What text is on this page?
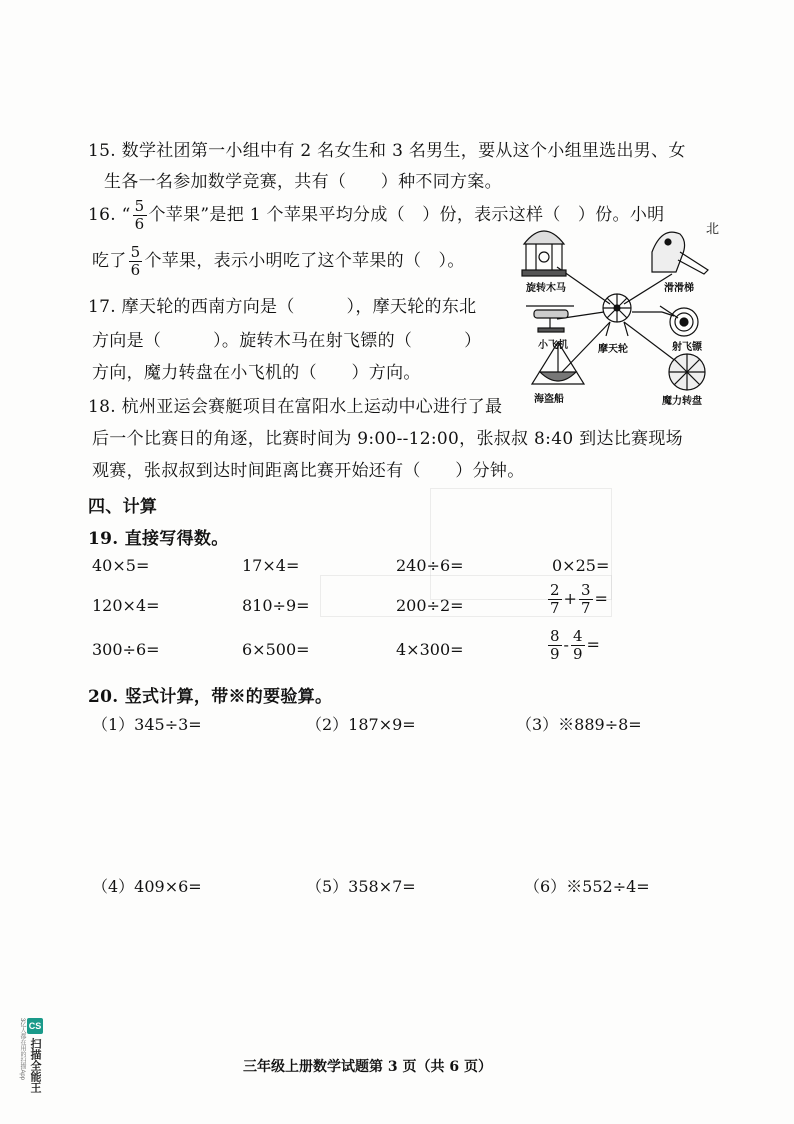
15. 数学社团第一小组中有 2 名女生和 3 名男生，要从这个小组里选出男、女
生各一名参加数学竞赛，共有（　　）种不同方案。
16. “ $\frac{5}{6}$ 个苹果”是把 1 个苹果平均分成（　）份，表示这样（　）份。小明
吃了 $\frac{5}{6}$ 个苹果，表示小明吃了这个苹果的（　）。
17. 摩天轮的西南方向是（　　　），摩天轮的东北
方向是（　　　）。旋转木马在射飞镖的（　　　）
方向，魔力转盘在小飞机的（　　）方向。
北
旋转木马	滑滑梯
小飞机	摩天轮	射飞镖
海盗船	魔力转盘
18. 杭州亚运会赛艇项目在富阳水上运动中心进行了最
后一个比赛日的角逐，比赛时间为 9:00--12:00，张叔叔 8:40 到达比赛现场
观赛，张叔叔到达时间距离比赛开始还有（　　）分钟。
四、计算
19. 直接写得数。
40×5=	17×4=	240÷6=	0×25=
120×4=	810÷9=	200÷2=	$\frac{2}{7} + \frac{3}{7}$ =
300÷6=	6×500=	4×300=	$\frac{8}{9} - \frac{4}{9}$ =
20. 竖式计算，带※的要验算。
（1）345÷3=	（2）187×9=	（3）※889÷8=
（4）409×6=	（5）358×7=	（6）※552÷4=
三年级上册数学试题第 3 页（共 6 页）
CS
扫描全能王
3亿人都在用的扫描App
